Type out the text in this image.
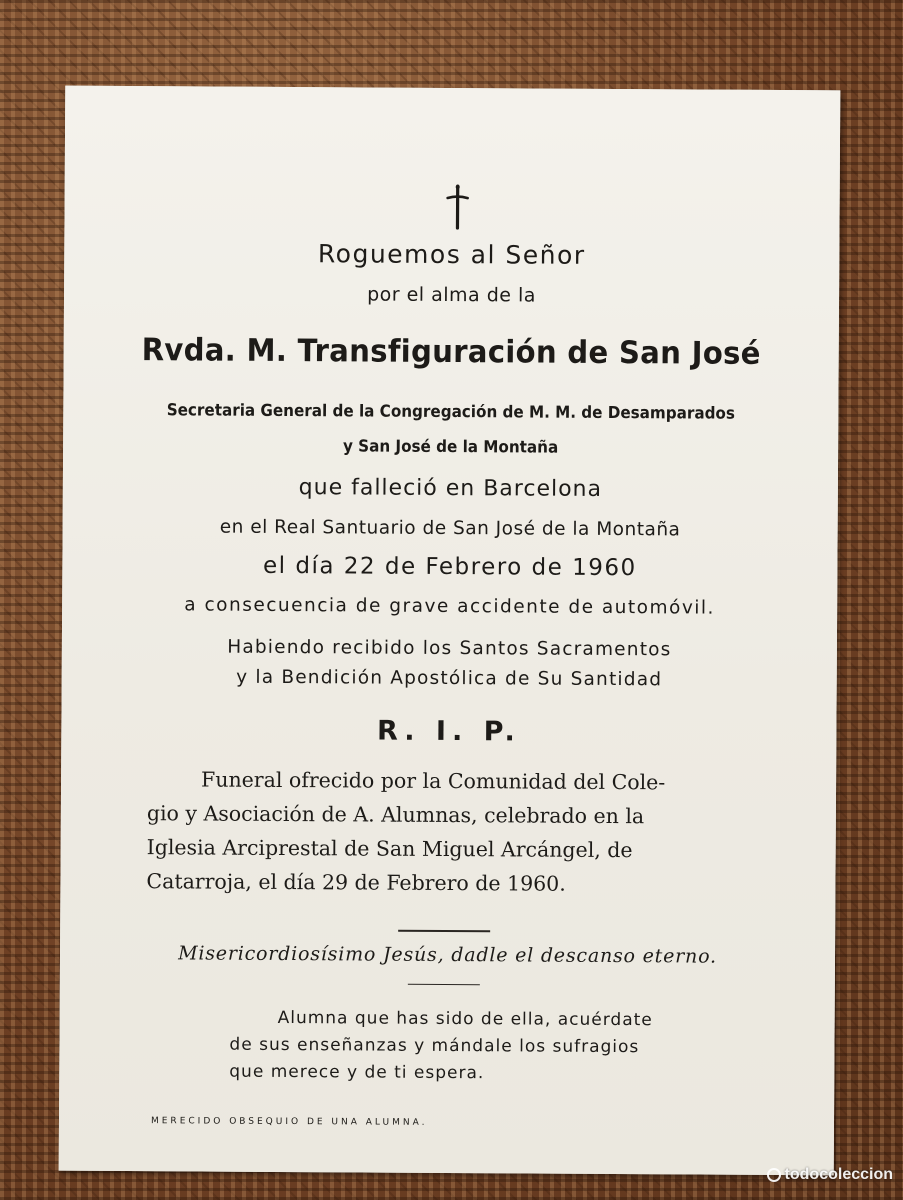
Roguemos al Señor
por el alma de la
Rvda. M. Transfiguración de San José
Secretaria General de la Congregación de M. M. de Desamparados
y San José de la Montaña
que falleció en Barcelona
en el Real Santuario de San José de la Montaña
el día 22 de Febrero de 1960
a consecuencia de grave accidente de automóvil.
Habiendo recibido los Santos Sacramentos
y la Bendición Apostólica de Su Santidad
R. I. P.
Funeral ofrecido por la Comunidad del Cole-
gio y Asociación de A. Alumnas, celebrado en la
Iglesia Arciprestal de San Miguel Arcángel, de
Catarroja, el día 29 de Febrero de 1960.
Misericordiosísimo Jesús, dadle el descanso eterno.
Alumna que has sido de ella, acuérdate
de sus enseñanzas y mándale los sufragios
que merece y de ti espera.
MERECIDO OBSEQUIO DE UNA ALUMNA.
todocoleccion
